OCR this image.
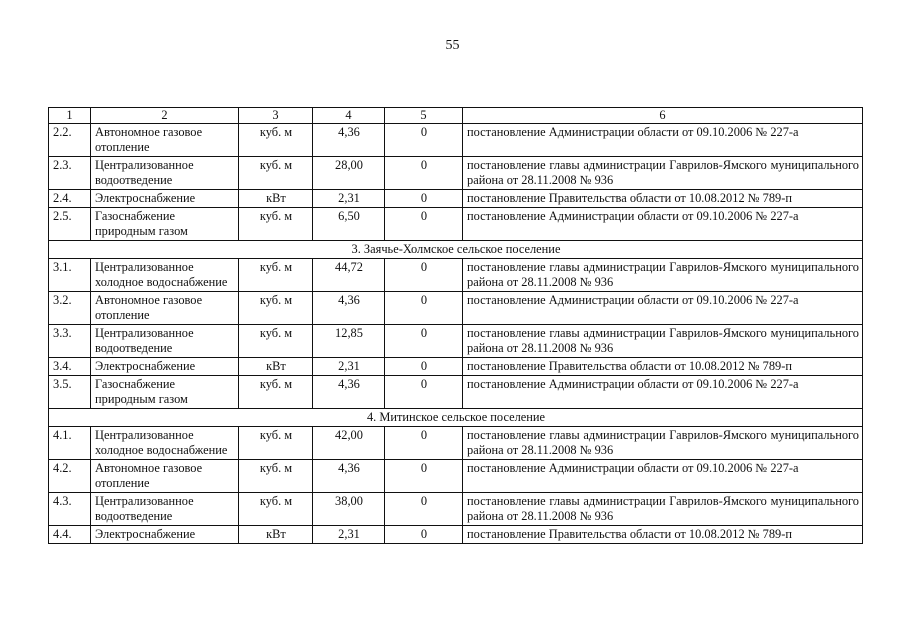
55
1	2	3	4	5	6
2.2.	Автономное газовое отопление	куб. м	4,36	0	постановление Администрации области от 09.10.2006 № 227-а
2.3.	Централизованное водоотведение	куб. м	28,00	0	постановление главы администрации Гаврилов-Ямского муниципального района от 28.11.2008 № 936
2.4.	Электроснабжение	кВт	2,31	0	постановление Правительства области от 10.08.2012 № 789-п
2.5.	Газоснабжение природным газом	куб. м	6,50	0	постановление Администрации области от 09.10.2006 № 227-а
3. Заячье-Холмское сельское поселение					
3.1.	Централизованное холодное водоснабжение	куб. м	44,72	0	постановление главы администрации Гаврилов-Ямского муниципального района от 28.11.2008 № 936
3.2.	Автономное газовое отопление	куб. м	4,36	0	постановление Администрации области от 09.10.2006 № 227-а
3.3.	Централизованное водоотведение	куб. м	12,85	0	постановление главы администрации Гаврилов-Ямского муниципального района от 28.11.2008 № 936
3.4.	Электроснабжение	кВт	2,31	0	постановление Правительства области от 10.08.2012 № 789-п
3.5.	Газоснабжение природным газом	куб. м	4,36	0	постановление Администрации области от 09.10.2006 № 227-а
4. Митинское сельское поселение					
4.1.	Централизованное холодное водоснабжение	куб. м	42,00	0	постановление главы администрации Гаврилов-Ямского муниципального района от 28.11.2008 № 936
4.2.	Автономное газовое отопление	куб. м	4,36	0	постановление Администрации области от 09.10.2006 № 227-а
4.3.	Централизованное водоотведение	куб. м	38,00	0	постановление главы администрации Гаврилов-Ямского муниципального района от 28.11.2008 № 936
4.4.	Электроснабжение	кВт	2,31	0	постановление Правительства области от 10.08.2012 № 789-п
